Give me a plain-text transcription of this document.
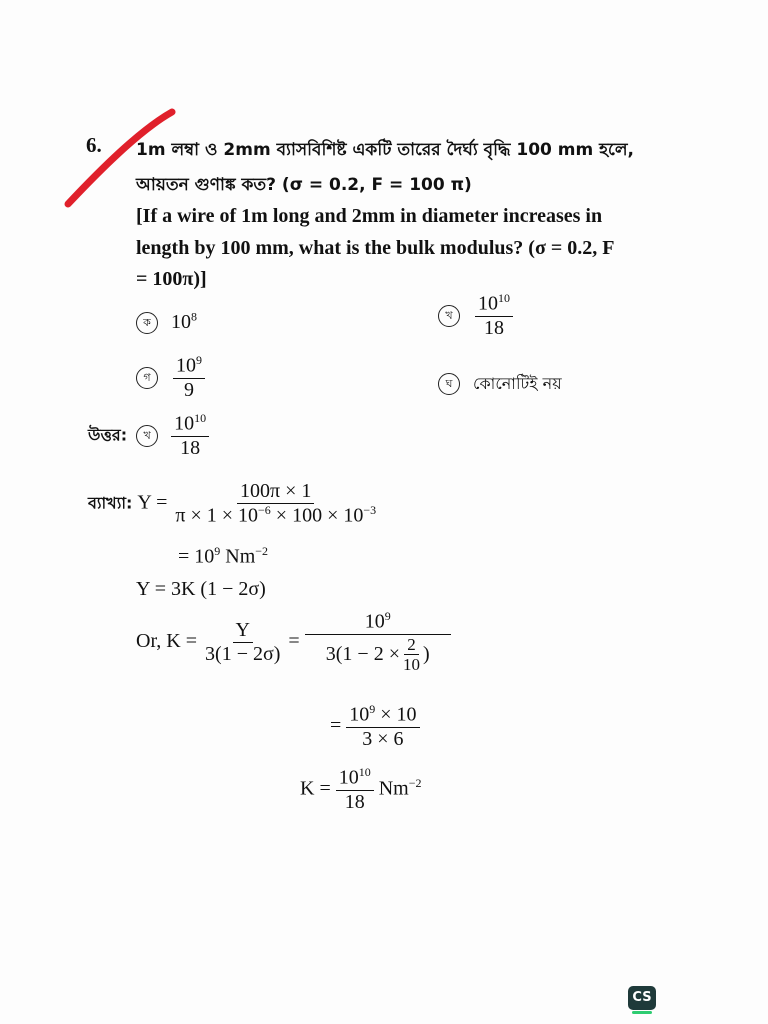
6. 1m লম্বা ও 2mm ব্যাসবিশিষ্ট একটি তারের দৈর্ঘ্য বৃদ্ধি 100 mm হলে,
আয়তন গুণাঙ্ক কত? (σ = 0.2, F = 100 π)
[If a wire of 1m long and 2mm in diameter increases in
length by 100 mm, what is the bulk modulus? (σ = 0.2, F
= 100π)]
ক $10^8$	খ $\frac{10^{10}}{18}$
গ $\frac{10^9}{9}$	ঘ কোনোটিই নয়
উত্তর: খ $\frac{10^{10}}{18}$
ব্যাখ্যা: $Y = \frac{100\pi \times 1}{\pi \times 1 \times 10^{-6} \times 100 \times 10^{-3}}$
= $10^9$ $Nm^{-2}$
Y = 3K (1 − 2σ)
Or, $K = \frac{Y}{3(1 - 2\sigma)} = \frac{10^9}{3(1 - 2 \times \frac{2}{10} )}$
= $\frac{10^9 \times 10}{3 \times 6}$
$K = \frac{10^{10}}{18} Nm^{-2}$
CS
